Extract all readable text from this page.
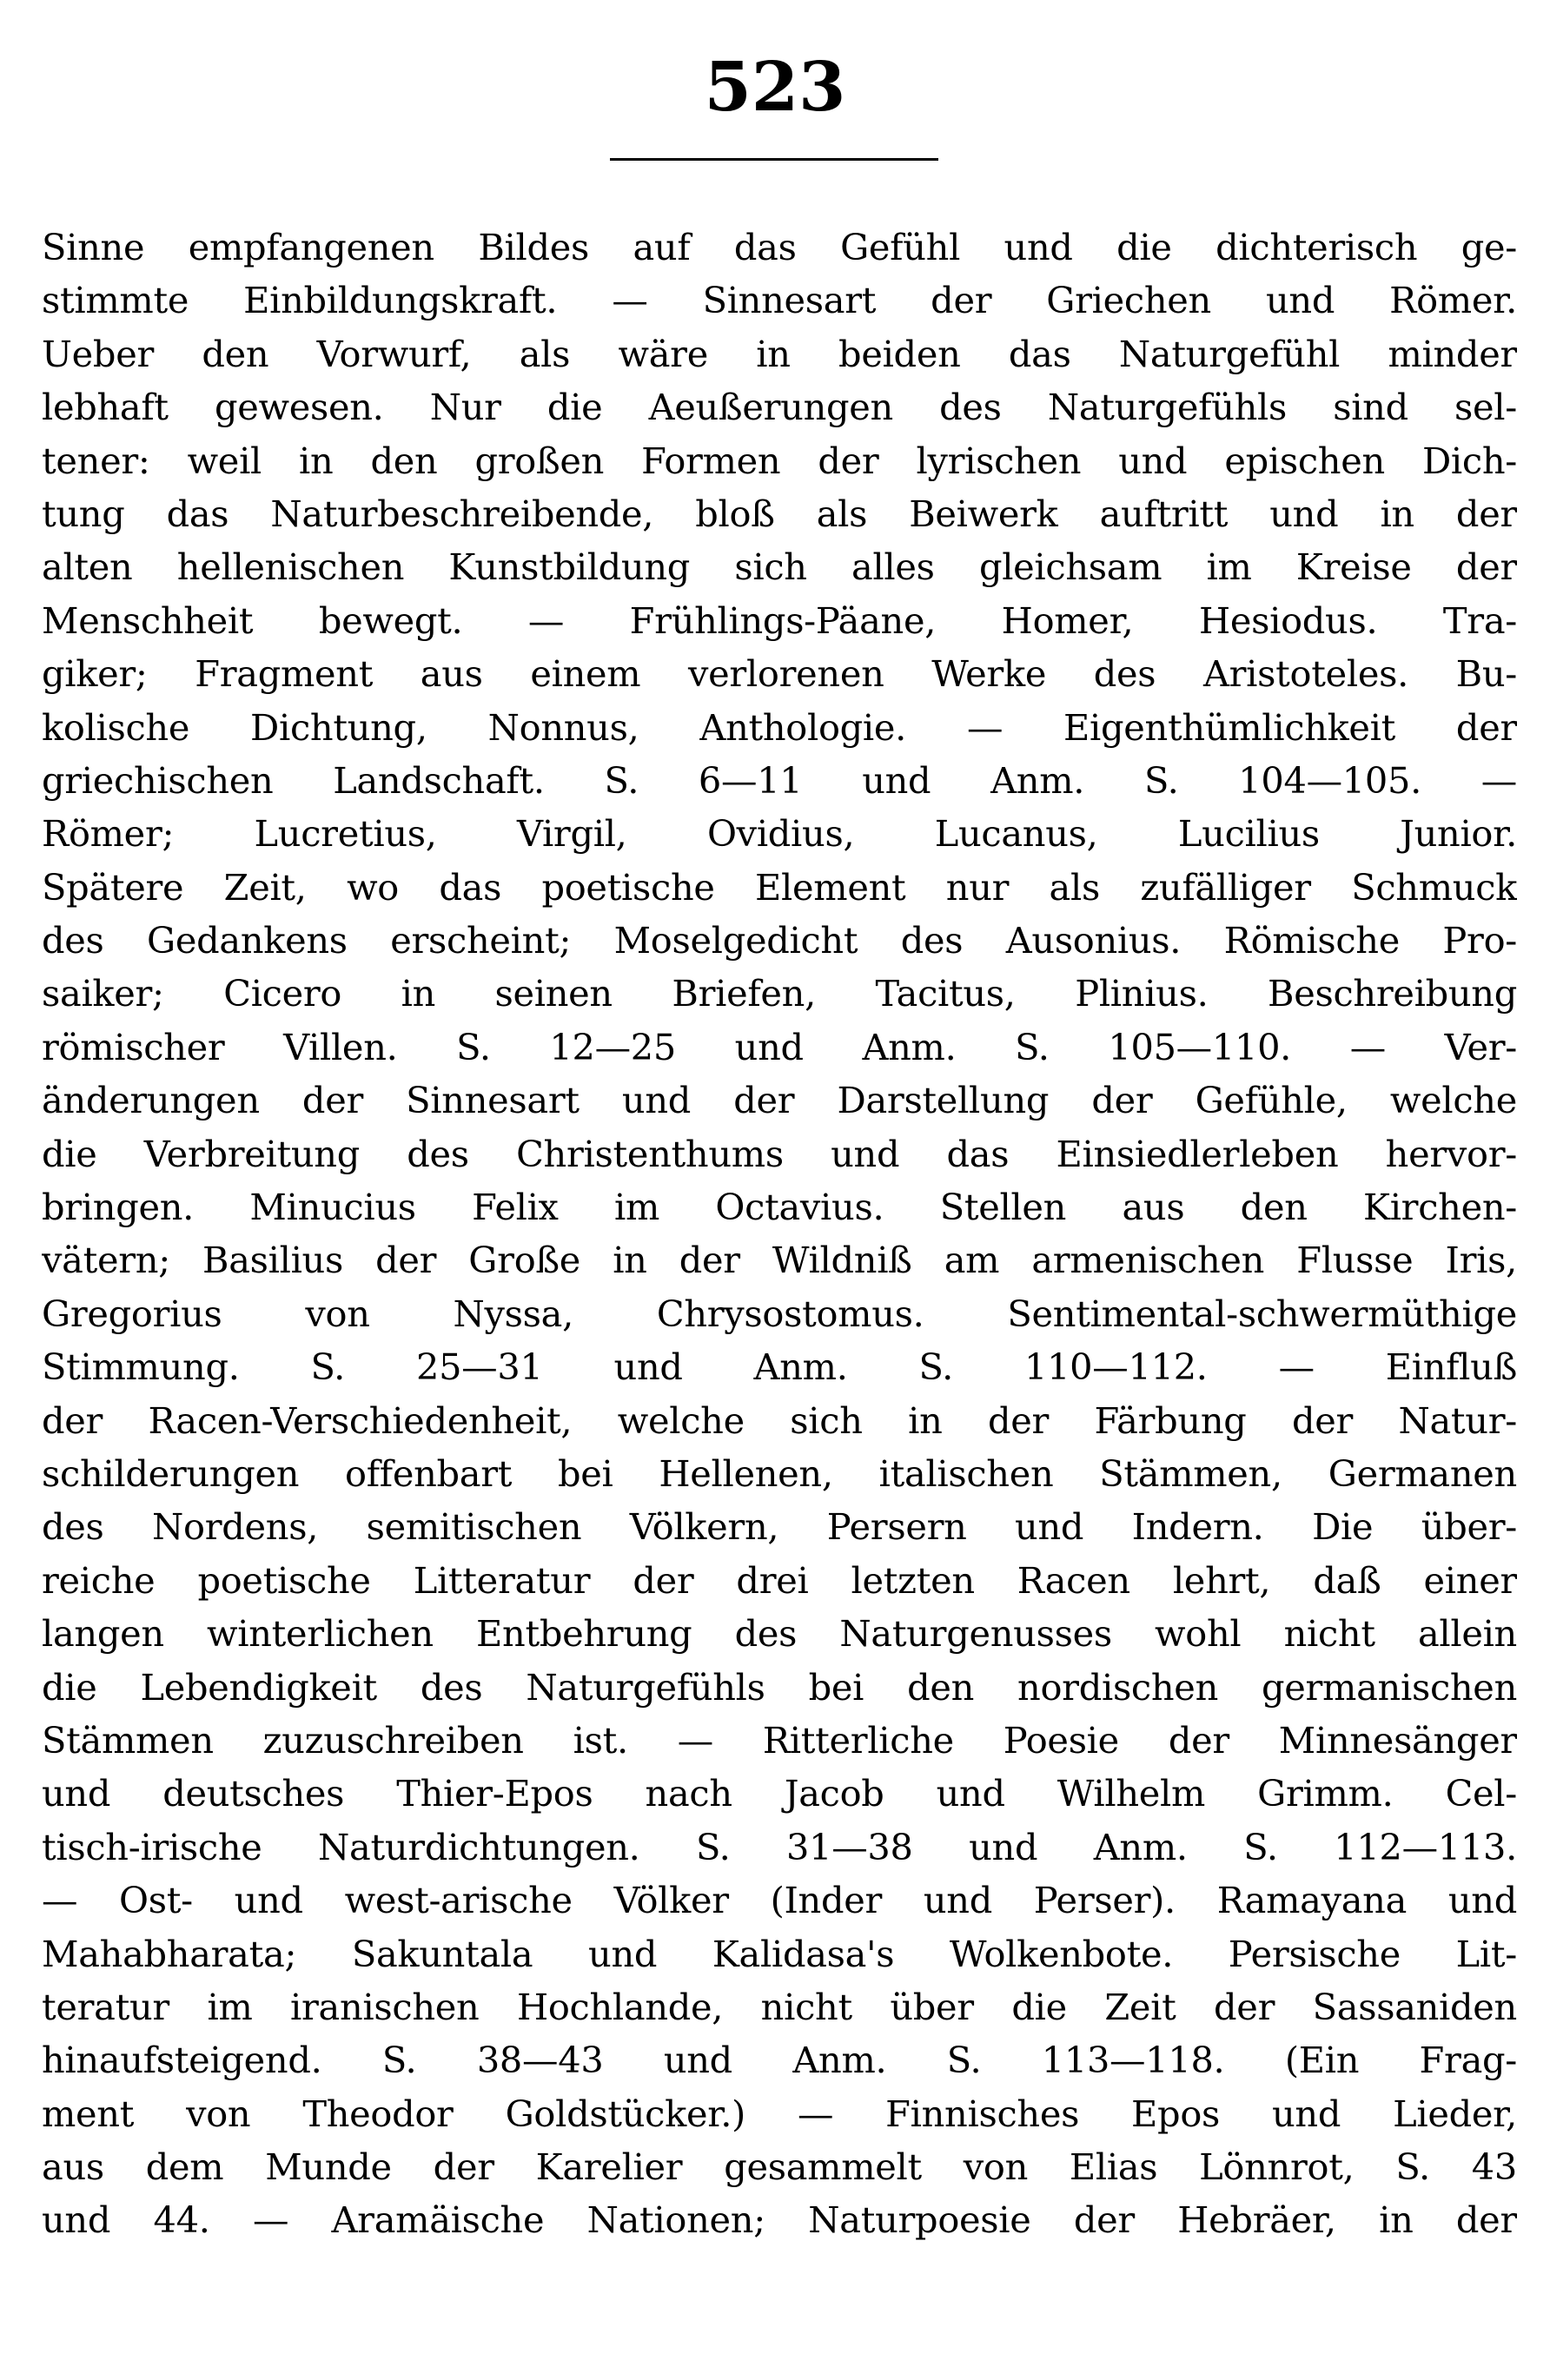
523
Sinne empfangenen Bildes auf das Gefühl und die dichterisch ge-
stimmte Einbildungskraft. — Sinnesart der Griechen und Römer.
Ueber den Vorwurf, als wäre in beiden das Naturgefühl minder
lebhaft gewesen. Nur die Aeußerungen des Naturgefühls sind sel-
tener: weil in den großen Formen der lyrischen und epischen Dich-
tung das Naturbeschreibende, bloß als Beiwerk auftritt und in der
alten hellenischen Kunstbildung sich alles gleichsam im Kreise der
Menschheit bewegt. — Frühlings-Päane, Homer, Hesiodus. Tra-
giker; Fragment aus einem verlorenen Werke des Aristoteles. Bu-
kolische Dichtung, Nonnus, Anthologie. — Eigenthümlichkeit der
griechischen Landschaft. S. 6—11 und Anm. S. 104—105. —
Römer; Lucretius, Virgil, Ovidius, Lucanus, Lucilius Junior.
Spätere Zeit, wo das poetische Element nur als zufälliger Schmuck
des Gedankens erscheint; Moselgedicht des Ausonius. Römische Pro-
saiker; Cicero in seinen Briefen, Tacitus, Plinius. Beschreibung
römischer Villen. S. 12—25 und Anm. S. 105—110. — Ver-
änderungen der Sinnesart und der Darstellung der Gefühle, welche
die Verbreitung des Christenthums und das Einsiedlerleben hervor-
bringen. Minucius Felix im Octavius. Stellen aus den Kirchen-
vätern; Basilius der Große in der Wildniß am armenischen Flusse Iris,
Gregorius von Nyssa, Chrysostomus. Sentimental-schwermüthige
Stimmung. S. 25—31 und Anm. S. 110—112. — Einfluß
der Racen-Verschiedenheit, welche sich in der Färbung der Natur-
schilderungen offenbart bei Hellenen, italischen Stämmen, Germanen
des Nordens, semitischen Völkern, Persern und Indern. Die über-
reiche poetische Litteratur der drei letzten Racen lehrt, daß einer
langen winterlichen Entbehrung des Naturgenusses wohl nicht allein
die Lebendigkeit des Naturgefühls bei den nordischen germanischen
Stämmen zuzuschreiben ist. — Ritterliche Poesie der Minnesänger
und deutsches Thier-Epos nach Jacob und Wilhelm Grimm. Cel-
tisch-irische Naturdichtungen. S. 31—38 und Anm. S. 112—113.
— Ost- und west-arische Völker (Inder und Perser). Ramayana und
Mahabharata; Sakuntala und Kalidasa's Wolkenbote. Persische Lit-
teratur im iranischen Hochlande, nicht über die Zeit der Sassaniden
hinaufsteigend. S. 38—43 und Anm. S. 113—118. (Ein Frag-
ment von Theodor Goldstücker.) — Finnisches Epos und Lieder,
aus dem Munde der Karelier gesammelt von Elias Lönnrot, S. 43
und 44. — Aramäische Nationen; Naturpoesie der Hebräer, in der
